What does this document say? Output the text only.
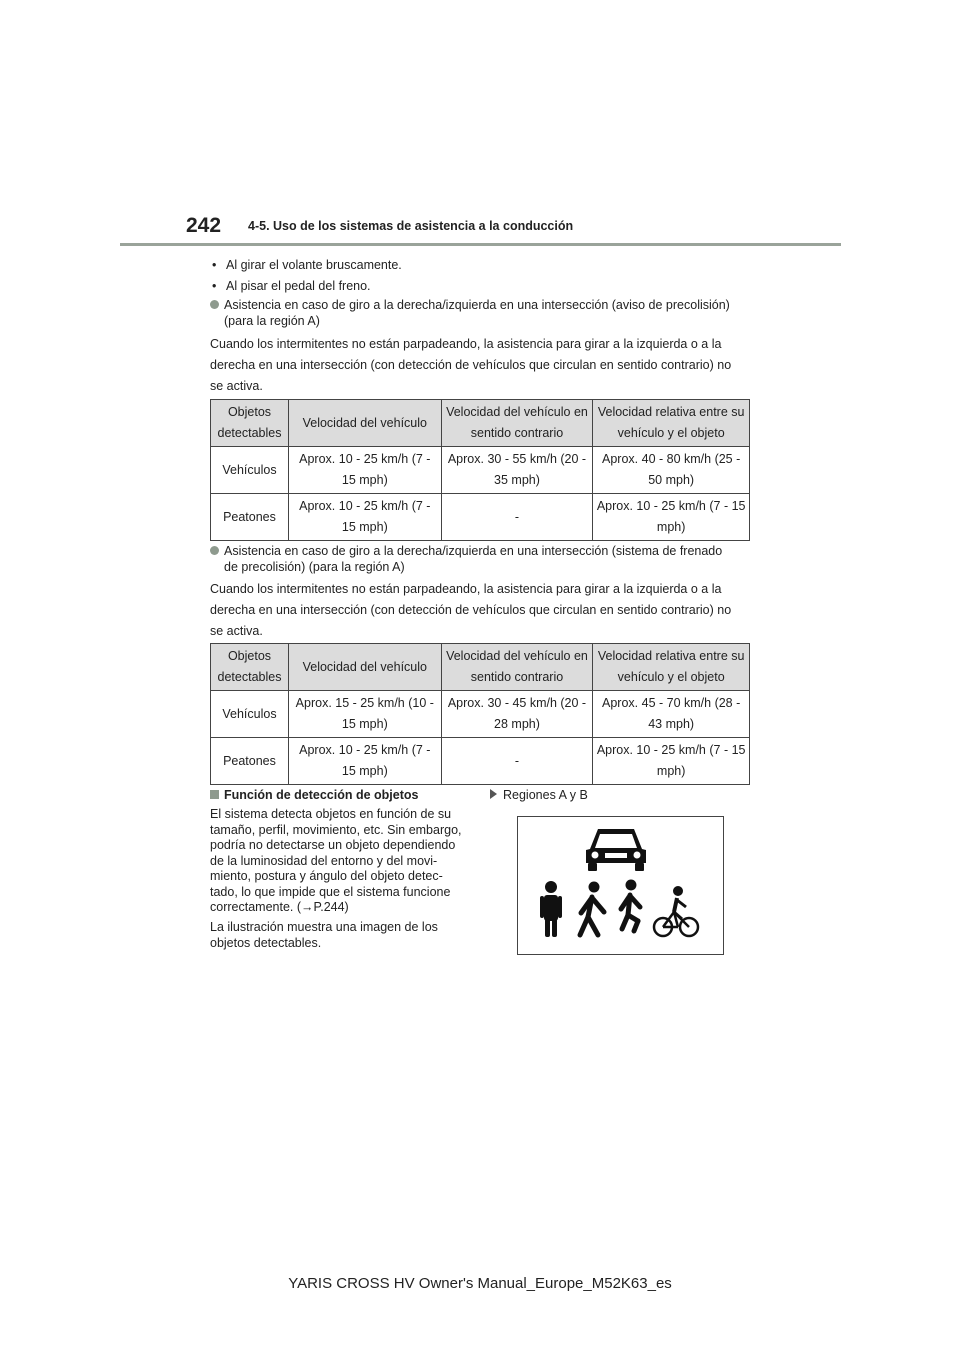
242 4-5. Uso de los sistemas de asistencia a la conducción
• Al girar el volante bruscamente.
• Al pisar el pedal del freno.
Asistencia en caso de giro a la derecha/izquierda en una intersección (aviso de precolisión)
(para la región A)
Cuando los intermitentes no están parpadeando, la asistencia para girar a la izquierda o a la
derecha en una intersección (con detección de vehículos que circulan en sentido contrario) no
se activa.
Objetos detectables	Velocidad del vehículo	Velocidad del vehículo en sentido contrario	Velocidad relativa entre su vehículo y el objeto
Vehículos	Aprox. 10 - 25 km/h (7 - 15 mph)	Aprox. 30 - 55 km/h (20 - 35 mph)	Aprox. 40 - 80 km/h (25 - 50 mph)
Peatones	Aprox. 10 - 25 km/h (7 - 15 mph)	-	Aprox. 10 - 25 km/h (7 - 15 mph)
Asistencia en caso de giro a la derecha/izquierda en una intersección (sistema de frenado
de precolisión) (para la región A)
Cuando los intermitentes no están parpadeando, la asistencia para girar a la izquierda o a la
derecha en una intersección (con detección de vehículos que circulan en sentido contrario) no
se activa.
Objetos detectables	Velocidad del vehículo	Velocidad del vehículo en sentido contrario	Velocidad relativa entre su vehículo y el objeto
Vehículos	Aprox. 15 - 25 km/h (10 - 15 mph)	Aprox. 30 - 45 km/h (20 - 28 mph)	Aprox. 45 - 70 km/h (28 - 43 mph)
Peatones	Aprox. 10 - 25 km/h (7 - 15 mph)	-	Aprox. 10 - 25 km/h (7 - 15 mph)
Función de detección de objetos
El sistema detecta objetos en función de su tamaño, perfil, movimiento, etc. Sin embargo, podría no detectarse un objeto dependiendo de la luminosidad del entorno y del movi-miento, postura y ángulo del objeto detec-tado, lo que impide que el sistema funcione correctamente. (→P.244)
La ilustración muestra una imagen de los objetos detectables.
Regiones A y B
YARIS CROSS HV Owner's Manual_Europe_M52K63_es
